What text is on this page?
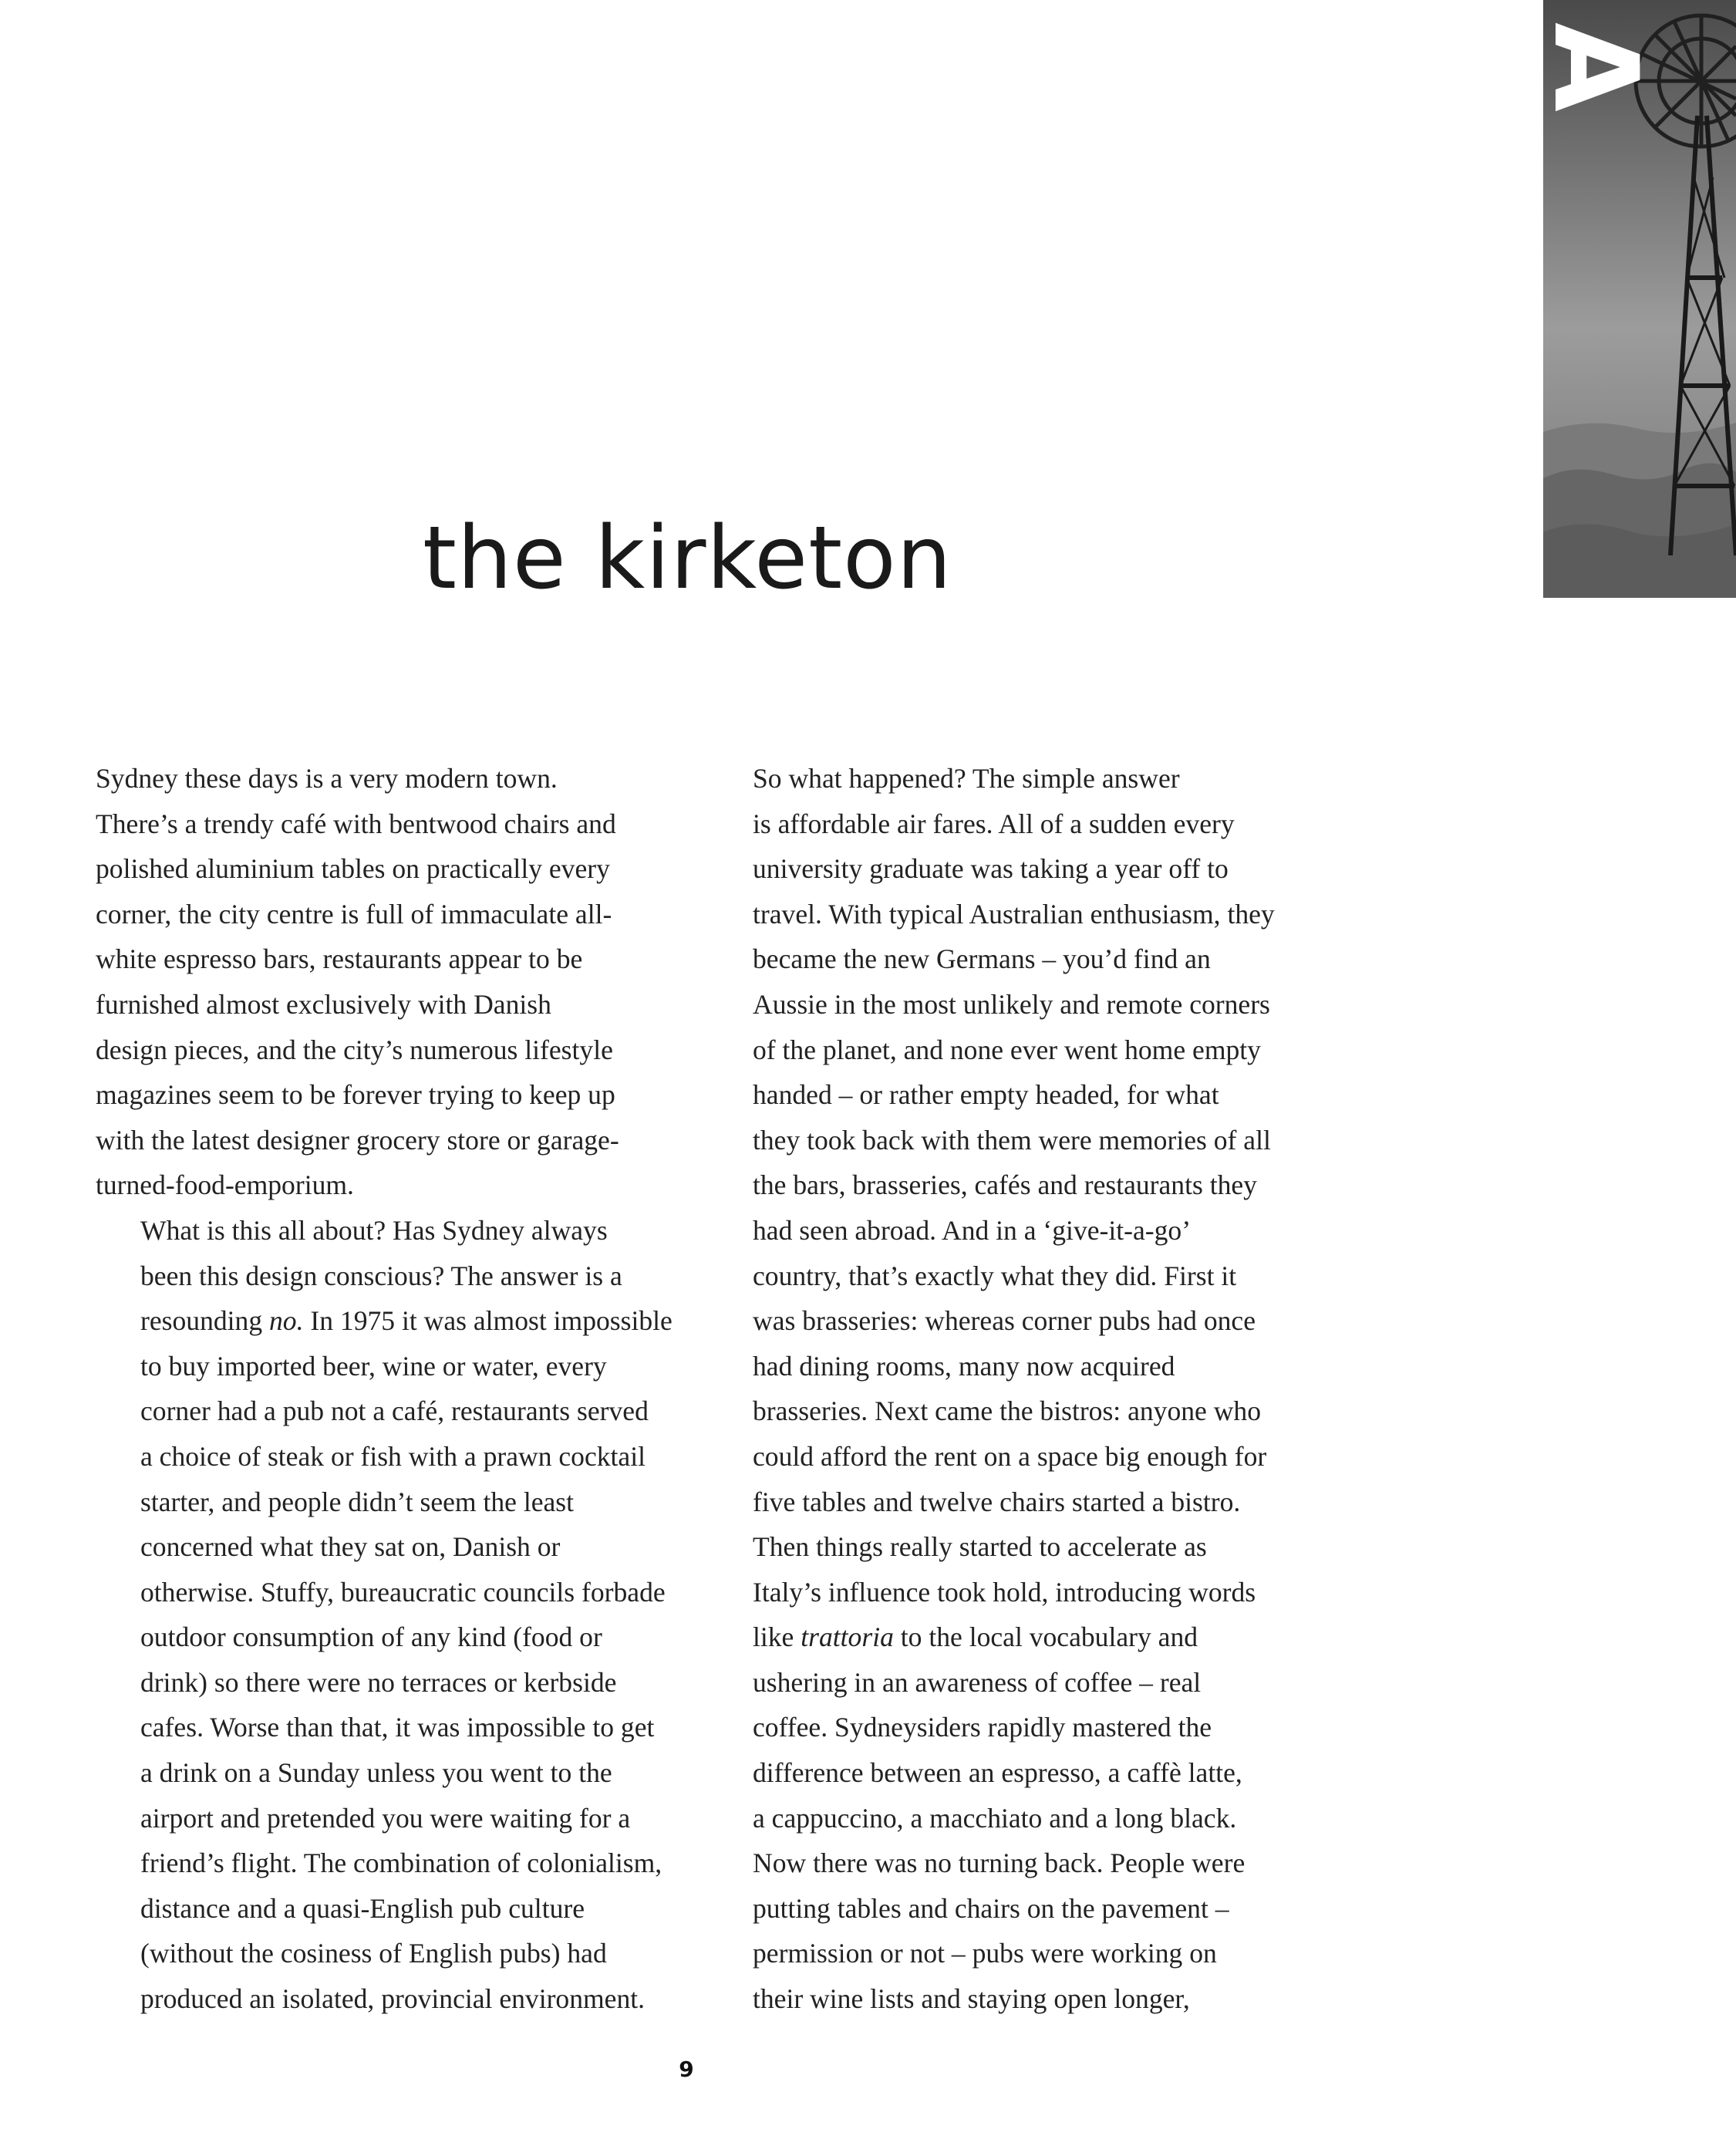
A
AUSTRALIA
the kirketon

Sydney these days is a very modern town.
There’s a trendy café with bentwood chairs and
polished aluminium tables on practically every
corner, the city centre is full of immaculate all-
white espresso bars, restaurants appear to be
furnished almost exclusively with Danish
design pieces, and the city’s numerous lifestyle
magazines seem to be forever trying to keep up
with the latest designer grocery store or garage-
turned-food-emporium.

What is this all about? Has Sydney always
been this design conscious? The answer is a
resounding no. In 1975 it was almost impossible
to buy imported beer, wine or water, every
corner had a pub not a café, restaurants served
a choice of steak or fish with a prawn cocktail
starter, and people didn’t seem the least
concerned what they sat on, Danish or
otherwise. Stuffy, bureaucratic councils forbade
outdoor consumption of any kind (food or
drink) so there were no terraces or kerbside
cafes. Worse than that, it was impossible to get
a drink on a Sunday unless you went to the
airport and pretended you were waiting for a
friend’s flight. The combination of colonialism,
distance and a quasi-English pub culture
(without the cosiness of English pubs) had
produced an isolated, provincial environment.

So what happened? The simple answer
is affordable air fares. All of a sudden every
university graduate was taking a year off to
travel. With typical Australian enthusiasm, they
became the new Germans – you’d find an
Aussie in the most unlikely and remote corners
of the planet, and none ever went home empty
handed – or rather empty headed, for what
they took back with them were memories of all
the bars, brasseries, cafés and restaurants they
had seen abroad. And in a ‘give-it-a-go’
country, that’s exactly what they did. First it
was brasseries: whereas corner pubs had once
had dining rooms, many now acquired
brasseries. Next came the bistros: anyone who
could afford the rent on a space big enough for
five tables and twelve chairs started a bistro.
Then things really started to accelerate as
Italy’s influence took hold, introducing words
like trattoria to the local vocabulary and
ushering in an awareness of coffee – real
coffee. Sydneysiders rapidly mastered the
difference between an espresso, a caffè latte,
a cappuccino, a macchiato and a long black.
Now there was no turning back. People were
putting tables and chairs on the pavement –
permission or not – pubs were working on
their wine lists and staying open longer,

9
